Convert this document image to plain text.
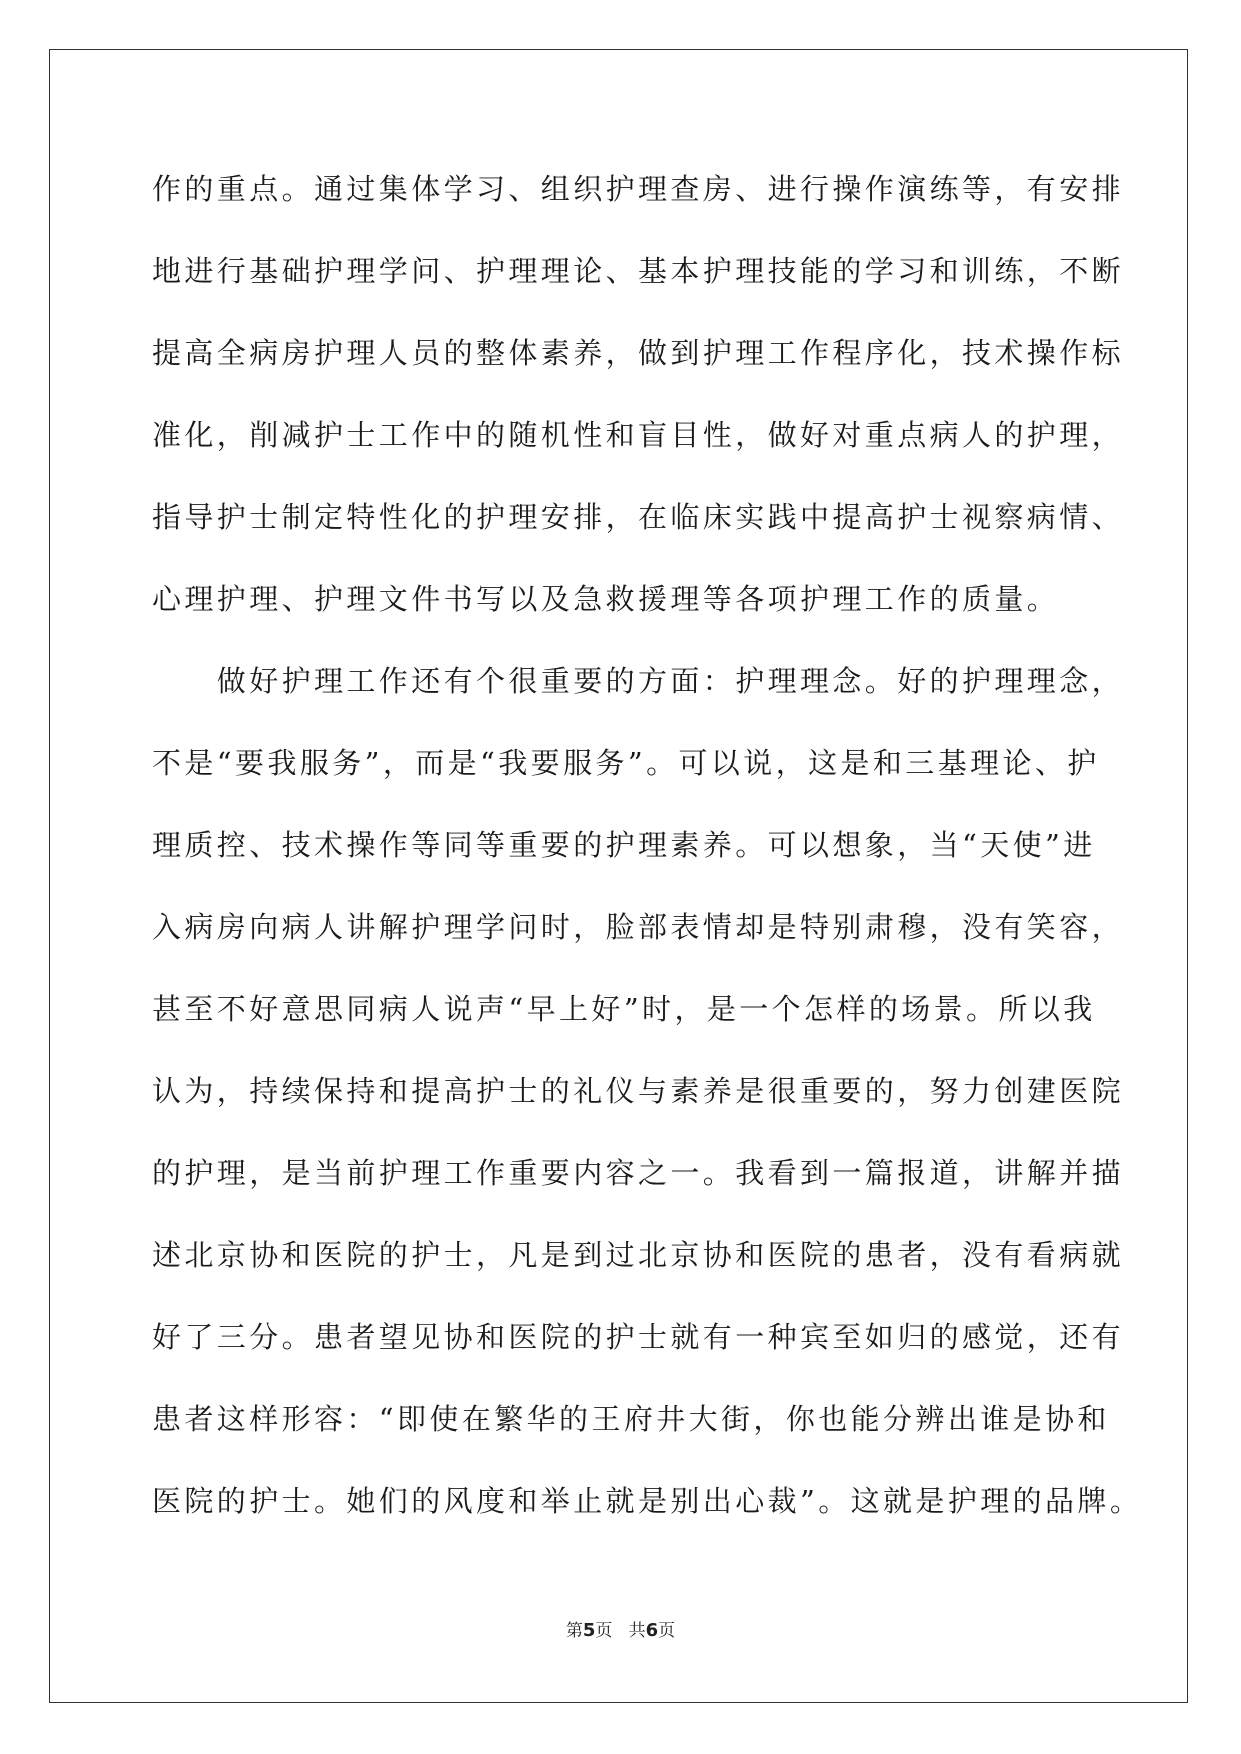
作的重点。通过集体学习、组织护理查房、进行操作演练等，有安排
地进行基础护理学问、护理理论、基本护理技能的学习和训练，不断
提高全病房护理人员的整体素养，做到护理工作程序化，技术操作标
准化，削减护士工作中的随机性和盲目性，做好对重点病人的护理，
指导护士制定特性化的护理安排，在临床实践中提高护士视察病情、
心理护理、护理文件书写以及急救援理等各项护理工作的质量。
　　做好护理工作还有个很重要的方面：护理理念。好的护理理念，
不是“要我服务”，而是“我要服务”。可以说，这是和三基理论、护
理质控、技术操作等同等重要的护理素养。可以想象，当“天使”进
入病房向病人讲解护理学问时，脸部表情却是特别肃穆，没有笑容，
甚至不好意思同病人说声“早上好”时，是一个怎样的场景。所以我
认为，持续保持和提高护士的礼仪与素养是很重要的，努力创建医院
的护理，是当前护理工作重要内容之一。我看到一篇报道，讲解并描
述北京协和医院的护士，凡是到过北京协和医院的患者，没有看病就
好了三分。患者望见协和医院的护士就有一种宾至如归的感觉，还有
患者这样形容：“即使在繁华的王府井大街，你也能分辨出谁是协和
医院的护士。她们的风度和举止就是别出心裁”。这就是护理的品牌。
第5页 共6页
